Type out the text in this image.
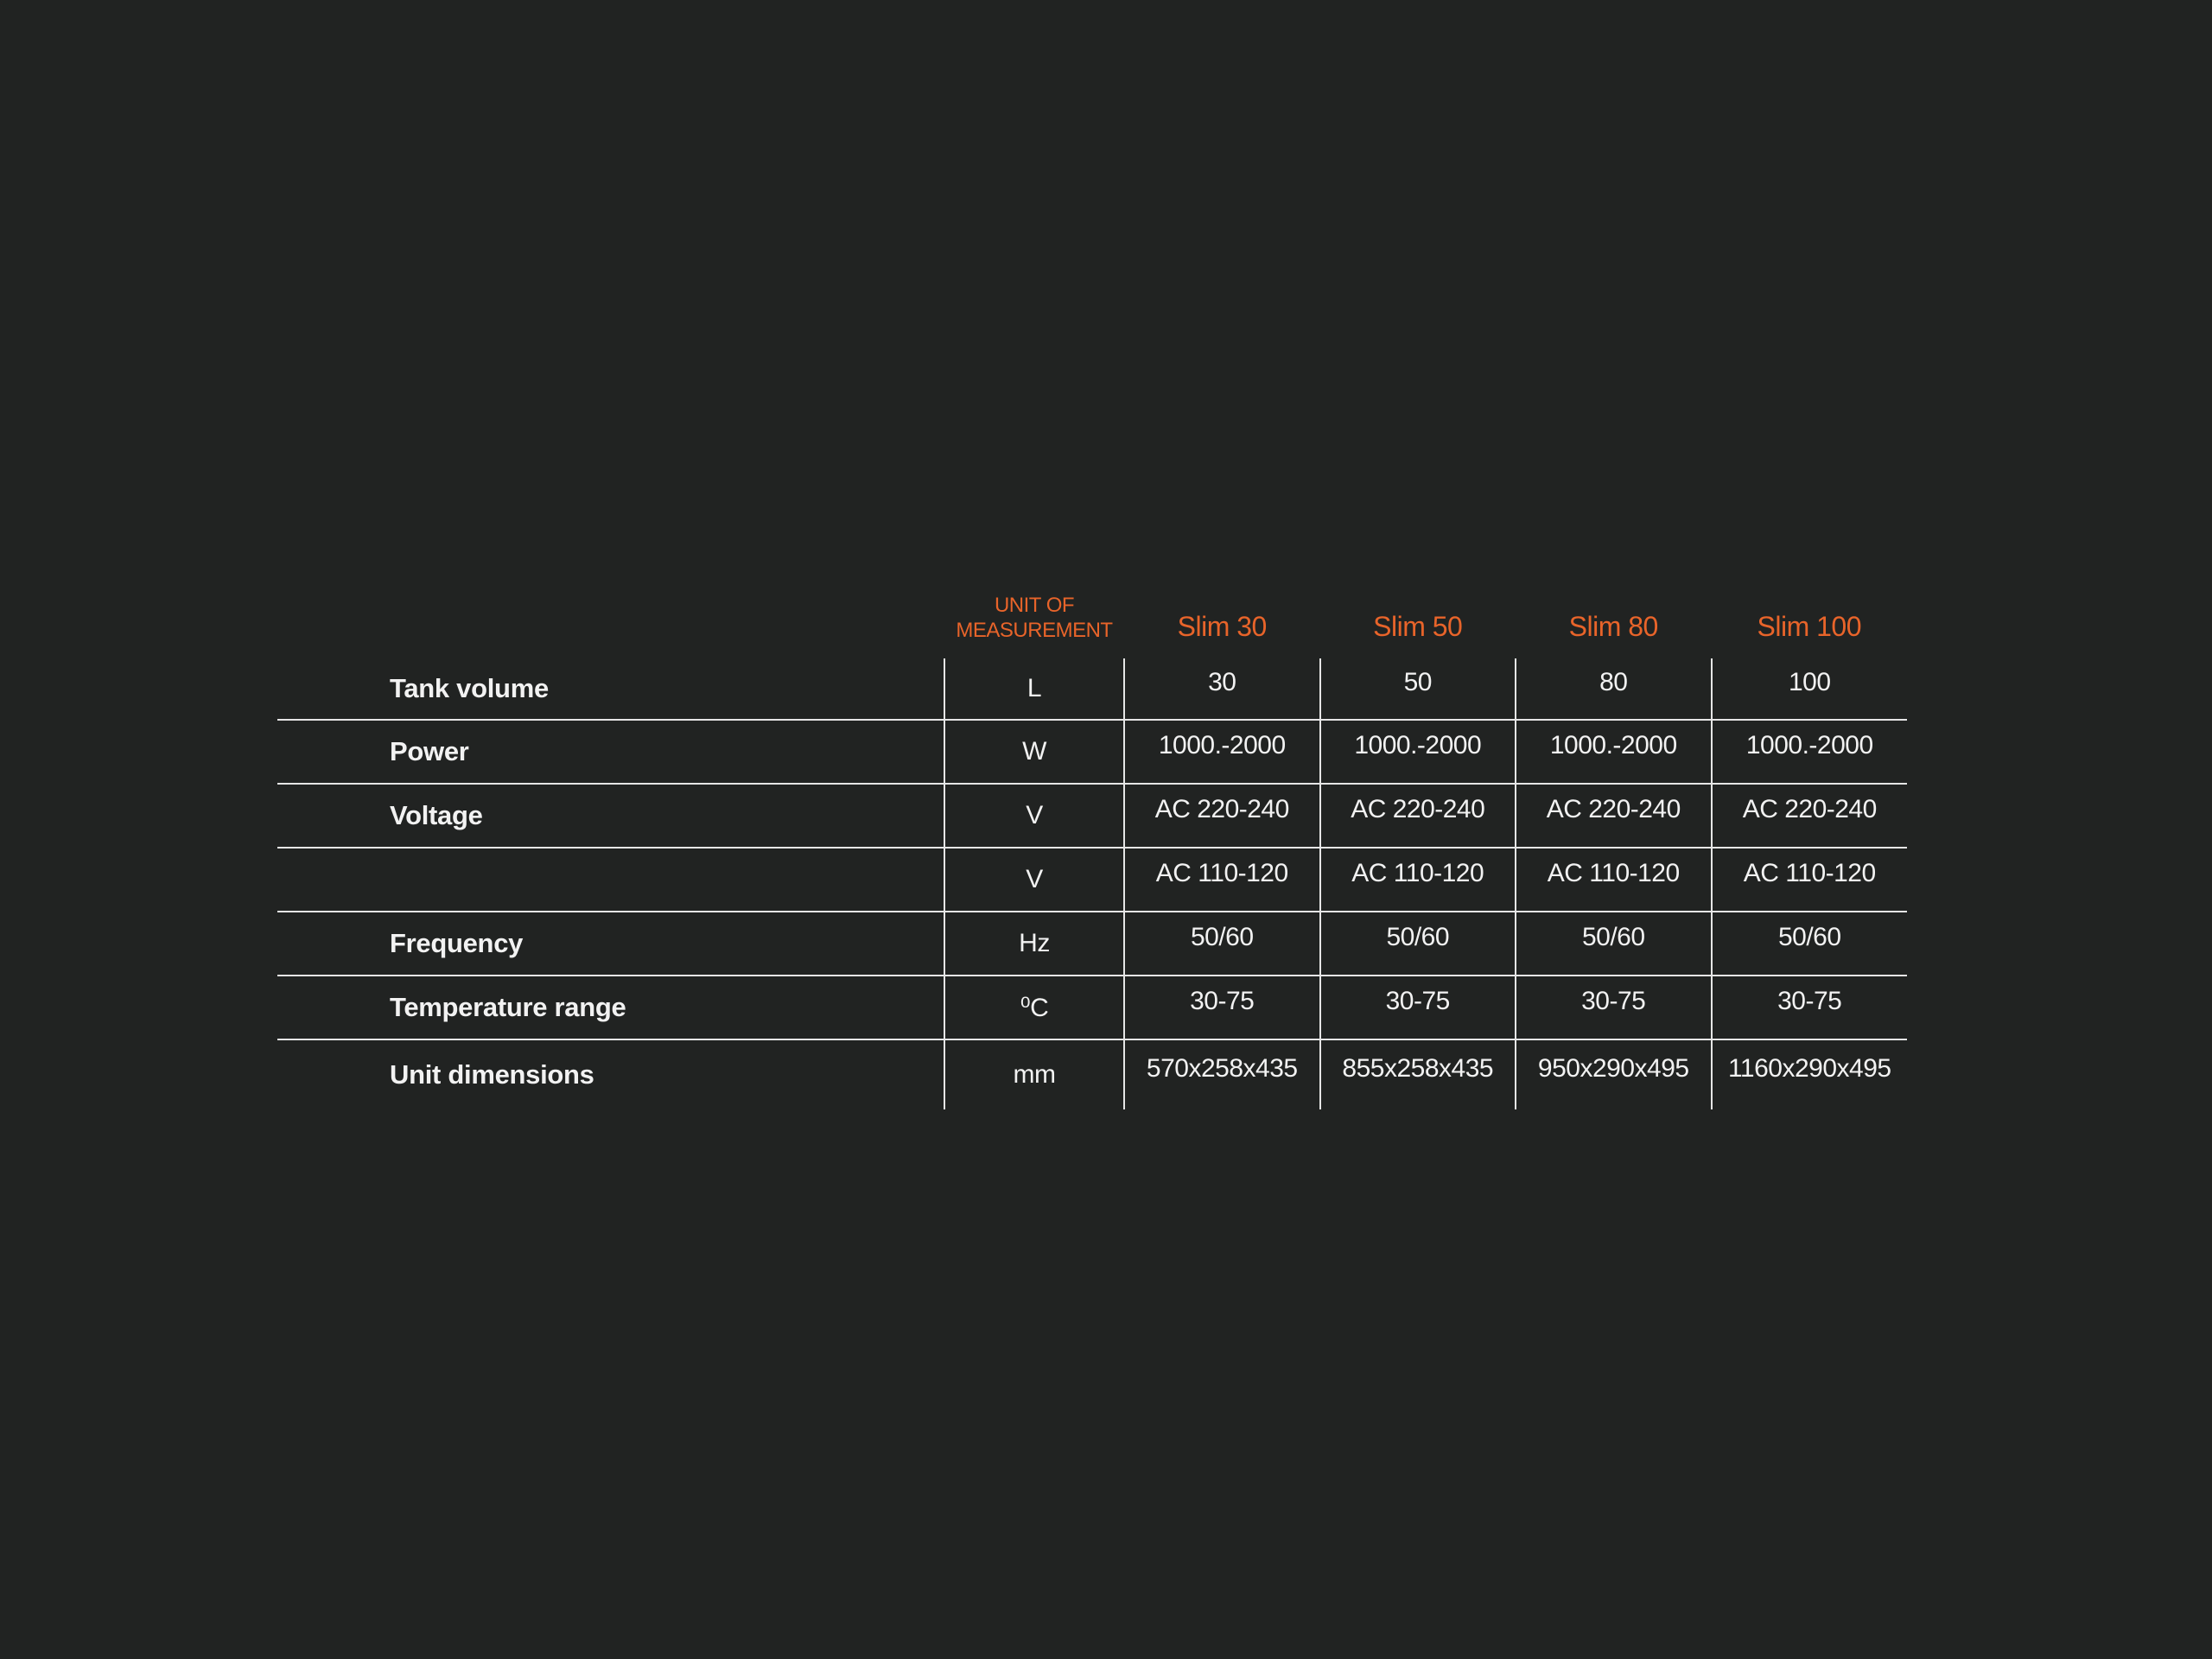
	UNIT OF
MEASUREMENT	Slim 30	Slim 50	Slim 80	Slim 100
Tank volume	L	30	50	80	100
Power	W	1000.-2000	1000.-2000	1000.-2000	1000.-2000
Voltage	V	AC 220-240	AC 220-240	AC 220-240	AC 220-240
	V	AC 110-120	AC 110-120	AC 110-120	AC 110-120
Frequency	Hz	50/60	50/60	50/60	50/60
Temperature range	⁰C	30-75	30-75	30-75	30-75
Unit dimensions	mm	570x258x435	855x258x435	950x290x495	1160x290x495
